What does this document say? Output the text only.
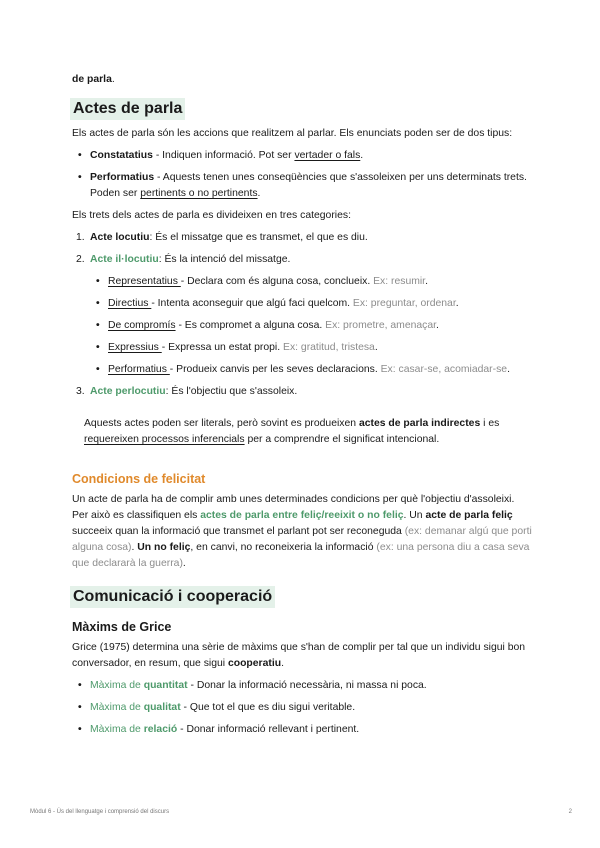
de parla.

Actes de parla

Els actes de parla són les accions que realitzem al parlar. Els enunciats poden ser de dos tipus:

• Constatatius - Indiquen informació. Pot ser vertader o fals.
• Performatius - Aquests tenen unes conseqüències que s'assoleixen per uns determinats trets. Poden ser pertinents o no pertinents.

Els trets dels actes de parla es divideixen en tres categories:

1. Acte locutiu: És el missatge que es transmet, el que es diu.
2. Acte il·locutiu: És la intenció del missatge.
• Representatius - Declara com és alguna cosa, conclueix. Ex: resumir.
• Directius - Intenta aconseguir que algú faci quelcom. Ex: preguntar, ordenar.
• De compromís - Es compromet a alguna cosa. Ex: prometre, amenaçar.
• Expressius - Expressa un estat propi. Ex: gratitud, tristesa.
• Performatius - Produeix canvis per les seves declaracions. Ex: casar-se, acomiadar-se.
3. Acte perlocutiu: És l'objectiu que s'assoleix.

Aquests actes poden ser literals, però sovint es produeixen actes de parla indirectes i es requereixen processos inferencials per a comprendre el significat intencional.

Condicions de felicitat

Un acte de parla ha de complir amb unes determinades condicions per què l'objectiu d'assoleixi. Per això es classifiquen els actes de parla entre feliç/reeixit o no feliç. Un acte de parla feliç succeeix quan la informació que transmet el parlant pot ser reconeguda (ex: demanar algú que porti alguna cosa). Un no feliç, en canvi, no reconeixeria la informació (ex: una persona diu a casa seva que declararà la guerra).

Comunicació i cooperació
Màxims de Grice

Grice (1975) determina una sèrie de màxims que s'han de complir per tal que un individu sigui bon conversador, en resum, que sigui cooperatiu.

• Màxima de quantitat - Donar la informació necessària, ni massa ni poca.
• Màxima de qualitat - Que tot el que es diu sigui veritable.
• Màxima de relació - Donar informació rellevant i pertinent.
Mòdul 6 - Ús del llenguatge i comprensió del discurs	2
